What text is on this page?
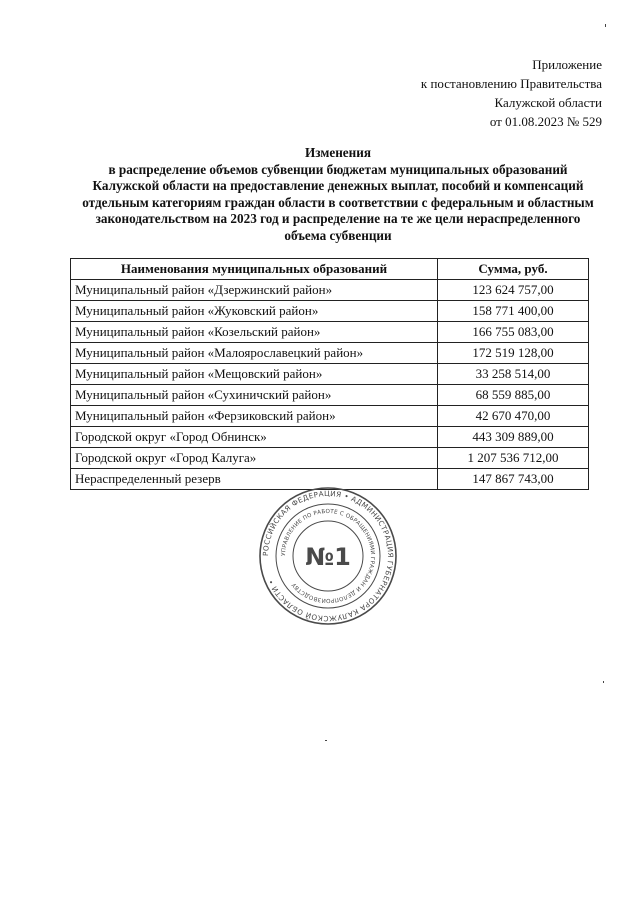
Приложение
к постановлению Правительства
Калужской области
от 01.08.2023 № 529
Изменения
в распределение объемов субвенции бюджетам муниципальных образований
Калужской области на предоставление денежных выплат, пособий и компенсаций
отдельным категориям граждан области в соответствии с федеральным и областным
законодательством на 2023 год и распределение на те же цели нераспределенного
объема субвенции
Наименования муниципальных образований	Сумма, руб.
Муниципальный район «Дзержинский район»	123 624 757,00
Муниципальный район «Жуковский район»	158 771 400,00
Муниципальный район «Козельский район»	166 755 083,00
Муниципальный район «Малоярославецкий район»	172 519 128,00
Муниципальный район «Мещовский район»	33 258 514,00
Муниципальный район «Сухиничский район»	68 559 885,00
Муниципальный район «Ферзиковский район»	42 670 470,00
Городской округ «Город Обнинск»	443 309 889,00
Городской округ «Город Калуга»	1 207 536 712,00
Нераспределенный резерв	147 867 743,00
РОССИЙСКАЯ ФЕДЕРАЦИЯ • АДМИНИСТРАЦИЯ ГУБЕРНАТОРА КАЛУЖСКОЙ ОБЛАСТИ •
УПРАВЛЕНИЕ ПО РАБОТЕ С ОБРАЩЕНИЯМИ ГРАЖДАН И ДЕЛОПРОИЗВОДСТВУ
№1
